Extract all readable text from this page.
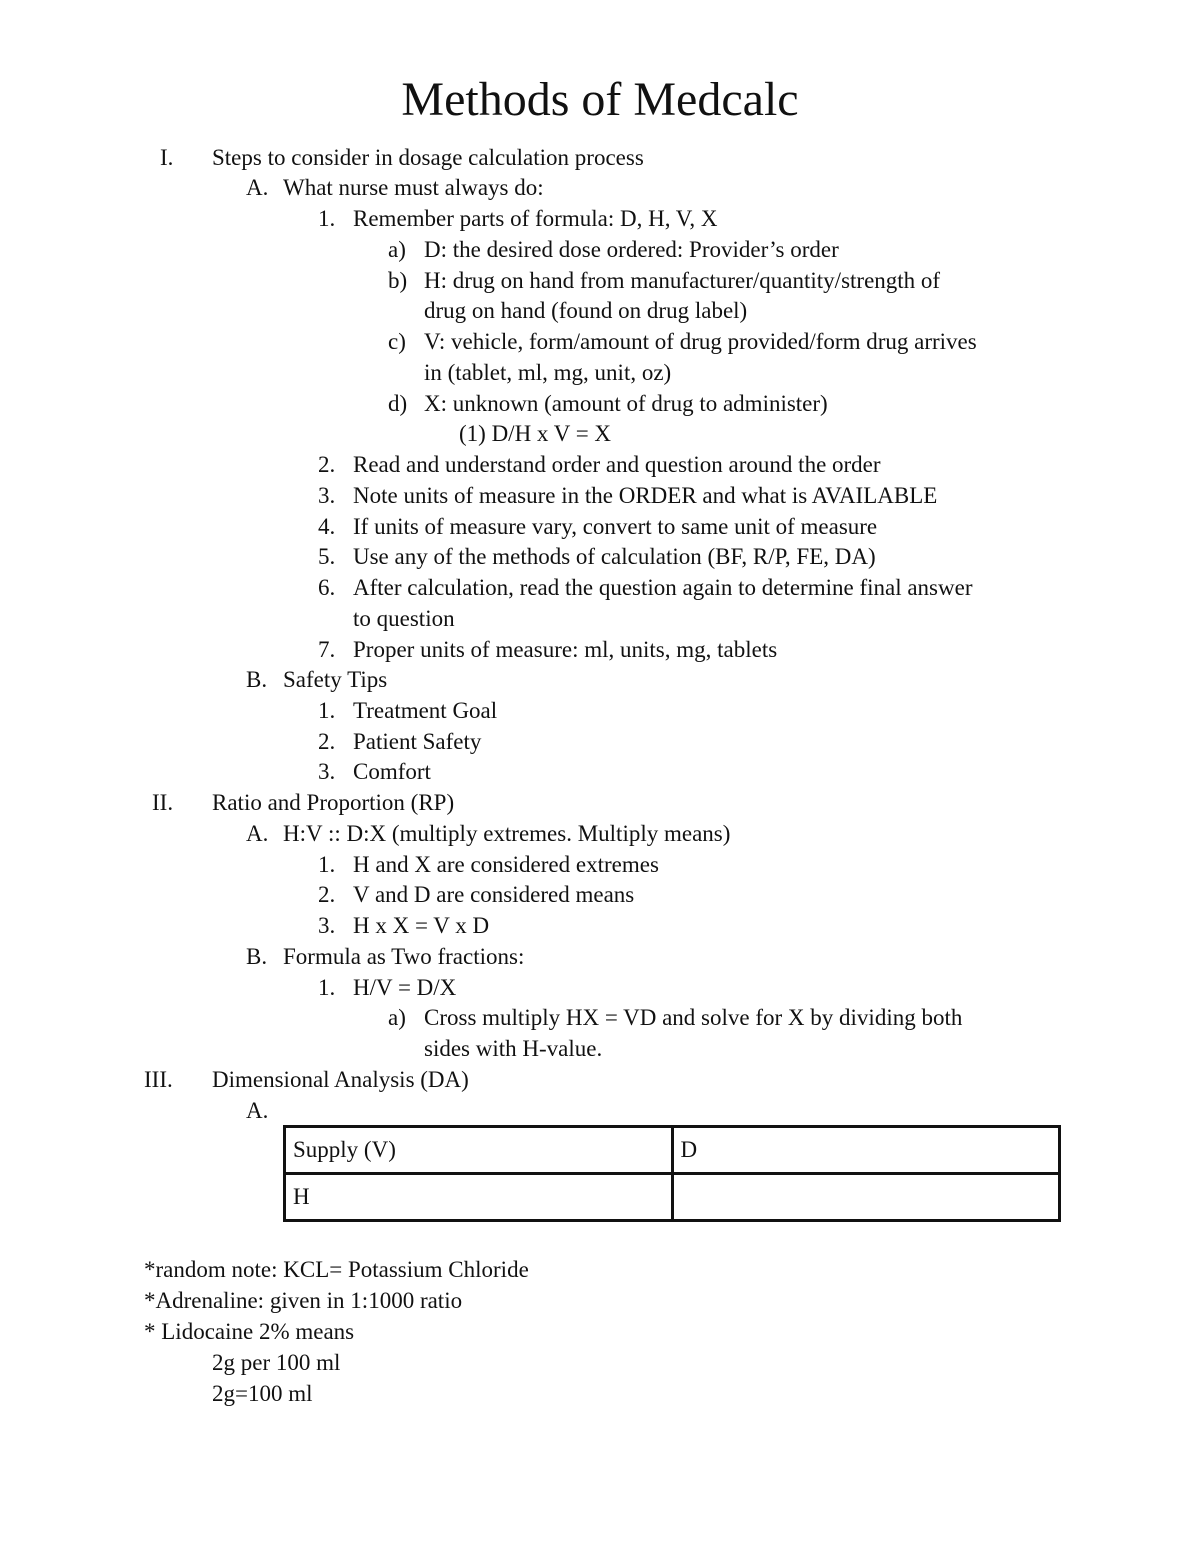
Methods of Medcalc
I. Steps to consider in dosage calculation process
A. What nurse must always do:
1. Remember parts of formula: D, H, V, X
a) D: the desired dose ordered: Provider’s order
b) H: drug on hand from manufacturer/quantity/strength of
drug on hand (found on drug label)
c) V: vehicle, form/amount of drug provided/form drug arrives
in (tablet, ml, mg, unit, oz)
d) X: unknown (amount of drug to administer)
(1) D/H x V = X
2. Read and understand order and question around the order
3. Note units of measure in the ORDER and what is AVAILABLE
4. If units of measure vary, convert to same unit of measure
5. Use any of the methods of calculation (BF, R/P, FE, DA)
6. After calculation, read the question again to determine final answer
to question
7. Proper units of measure: ml, units, mg, tablets
B. Safety Tips
1. Treatment Goal
2. Patient Safety
3. Comfort
II. Ratio and Proportion (RP)
A. H:V :: D:X (multiply extremes. Multiply means)
1. H and X are considered extremes
2. V and D are considered means
3. H x X = V x D
B. Formula as Two fractions:
1. H/V = D/X
a) Cross multiply HX = VD and solve for X by dividing both
sides with H-value.
III. Dimensional Analysis (DA)
A.
Supply (V)	D
H	
*random note: KCL= Potassium Chloride
*Adrenaline: given in 1:1000 ratio
* Lidocaine 2% means
2g per 100 ml
2g=100 ml
